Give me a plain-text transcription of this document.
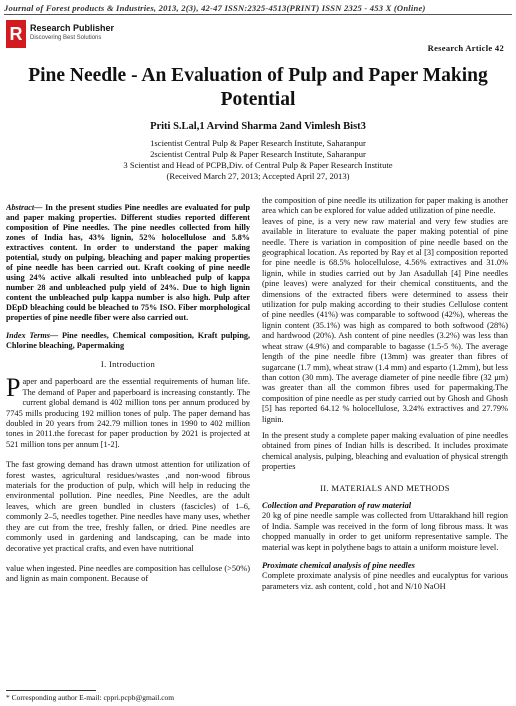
Journal of Forest products & Industries, 2013, 2(3), 42-47 ISSN:2325-4513(PRINT) ISSN 2325 - 453 X (Online)
R Research Publisher
Discovering Best Solutions
Research Article 42
Pine Needle - An Evaluation of Pulp and Paper Making Potential
Priti S.Lal,1 Arvind Sharma 2and Vimlesh Bist3
1scientist Central Pulp & Paper Research Institute, Saharanpur
2scientist Central Pulp & Paper Research Institute, Saharanpur
3 Scientist and Head of PCPB,Div. of Central Pulp & Paper Research Institute
(Received March 27, 2013; Accepted April 27, 2013)

Abstract— In the present studies Pine needles are evaluated for pulp and paper making properties. Different studies reported different composition of Pine needles. The pine needles collected from hilly zones of India has, 43% lignin, 52% holocellulose and 5.8% extractives content. In order to understand the paper making potential, study on pulping, bleaching and paper making properties of pine needle has been carried out. Kraft cooking of pine needle using 24% active alkali resulted into unbleached pulp of kappa number 28 and unbleached pulp yield of 24%. Due to high lignin content the unbleached pulp kappa number is also high. Pulp after DEpD bleaching could be bleached to 75% ISO. Fiber morphological properties of pine needle fiber were also carried out.

Index Terms— Pine needles, Chemical composition, Kraft pulping, Chlorine bleaching, Papermaking

I. Introduction

Paper and paperboard are the essential requirements of human life. The demand of Paper and paperboard is increasing constantly. The current global demand is 402 million tons per annum produced by 7745 mills producing 192 million tones of pulp. The paper demand has doubled in 20 years from 242.79 million tones in 1990 to 402 million tones in 2011.the forecast for paper production by 2021 is projected at 521 million tons per annum [1-2].

The fast growing demand has drawn utmost attention for utilization of forest wastes, agricultural residues/wastes ,and non-wood fibrous materials for the production of pulp, which will help in reducing the environmental pollution. Pine needles, Pine Needles, are the adult leaves, which are green bundled in clusters (fascicles) of 1–6, commonly 2–5, needles together. Pine needles have many uses, whether they are cut from the tree, freshly fallen, or dried. Pine needles are commonly used in gardening and landscaping, can be made into decorative yet practical crafts, and even have nutritional

value when ingested. Pine needles are composition has cellulose (>50%) and lignin as main component. Because of

the composition of pine needle its utilization for paper making is another area which can be explored for value added utilization of pine needle.

leaves of pine, is a very new raw material and very few studies are available in literature to evaluate the paper making potential of pine needle. There is variation in composition of pine needle based on the geographical location. As reported by Ray et al [3] composition reported for pine needle is 68.5% holocellulose, 4.56% extractives and 31.0% lignin, while in studies carried out by Jan Asadullah [4] Pine needles (pine leaves) were analyzed for their chemical constituents, and the dimensions of the extracted fibers were determined to assess their utilization for pulp making according to their studies Cellulose content of pine needles (41%) was comparable to softwood (42%), whereas the lignin content (35.1%) was high as compared to both softwood (28%) and hardwood (20%). Ash content of pine needles (3.2%) was less than wheat straw (4.9%) and comparable to bagasse (1.5-5 %). The average length of the pine needle fibre (13mm) was greater than fibres of sugarcane (1.7 mm), wheat straw (1.4 mm) and esparto (1.2mm), but less than cotton (30 mm). The average diameter of pine needle fibre (32 μm) was greater than all the common fibres used for papermaking.The composition of pine needle as per study carried out by Ghosh and Ghosh [5] has reported 64.12 % holocellulose, 3.24% extractives and 27.79% lignin.

In the present study a complete paper making evaluation of pine needles obtained from pines of Indian hills is described. It includes proximate chemical analysis, pulping, bleaching and evaluation of physical strength properties

II. MATERIALS AND METHODS

Collection and Preparation of raw material

20 kg of pine needle sample was collected from Uttarakhand hill region of India. Sample was received in the form of long fibrous mass. It was chopped manually in order to get uniform representative sample. The material was kept in polythene bags to attain a uniform moisture level.

Proximate chemical analysis of pine needles

Complete proximate analysis of pine needles and eucalyptus for various parameters viz. ash content, cold , hot and N/10 NaOH

* Corresponding author E-mail: cppri.pcpb@gmail.com
